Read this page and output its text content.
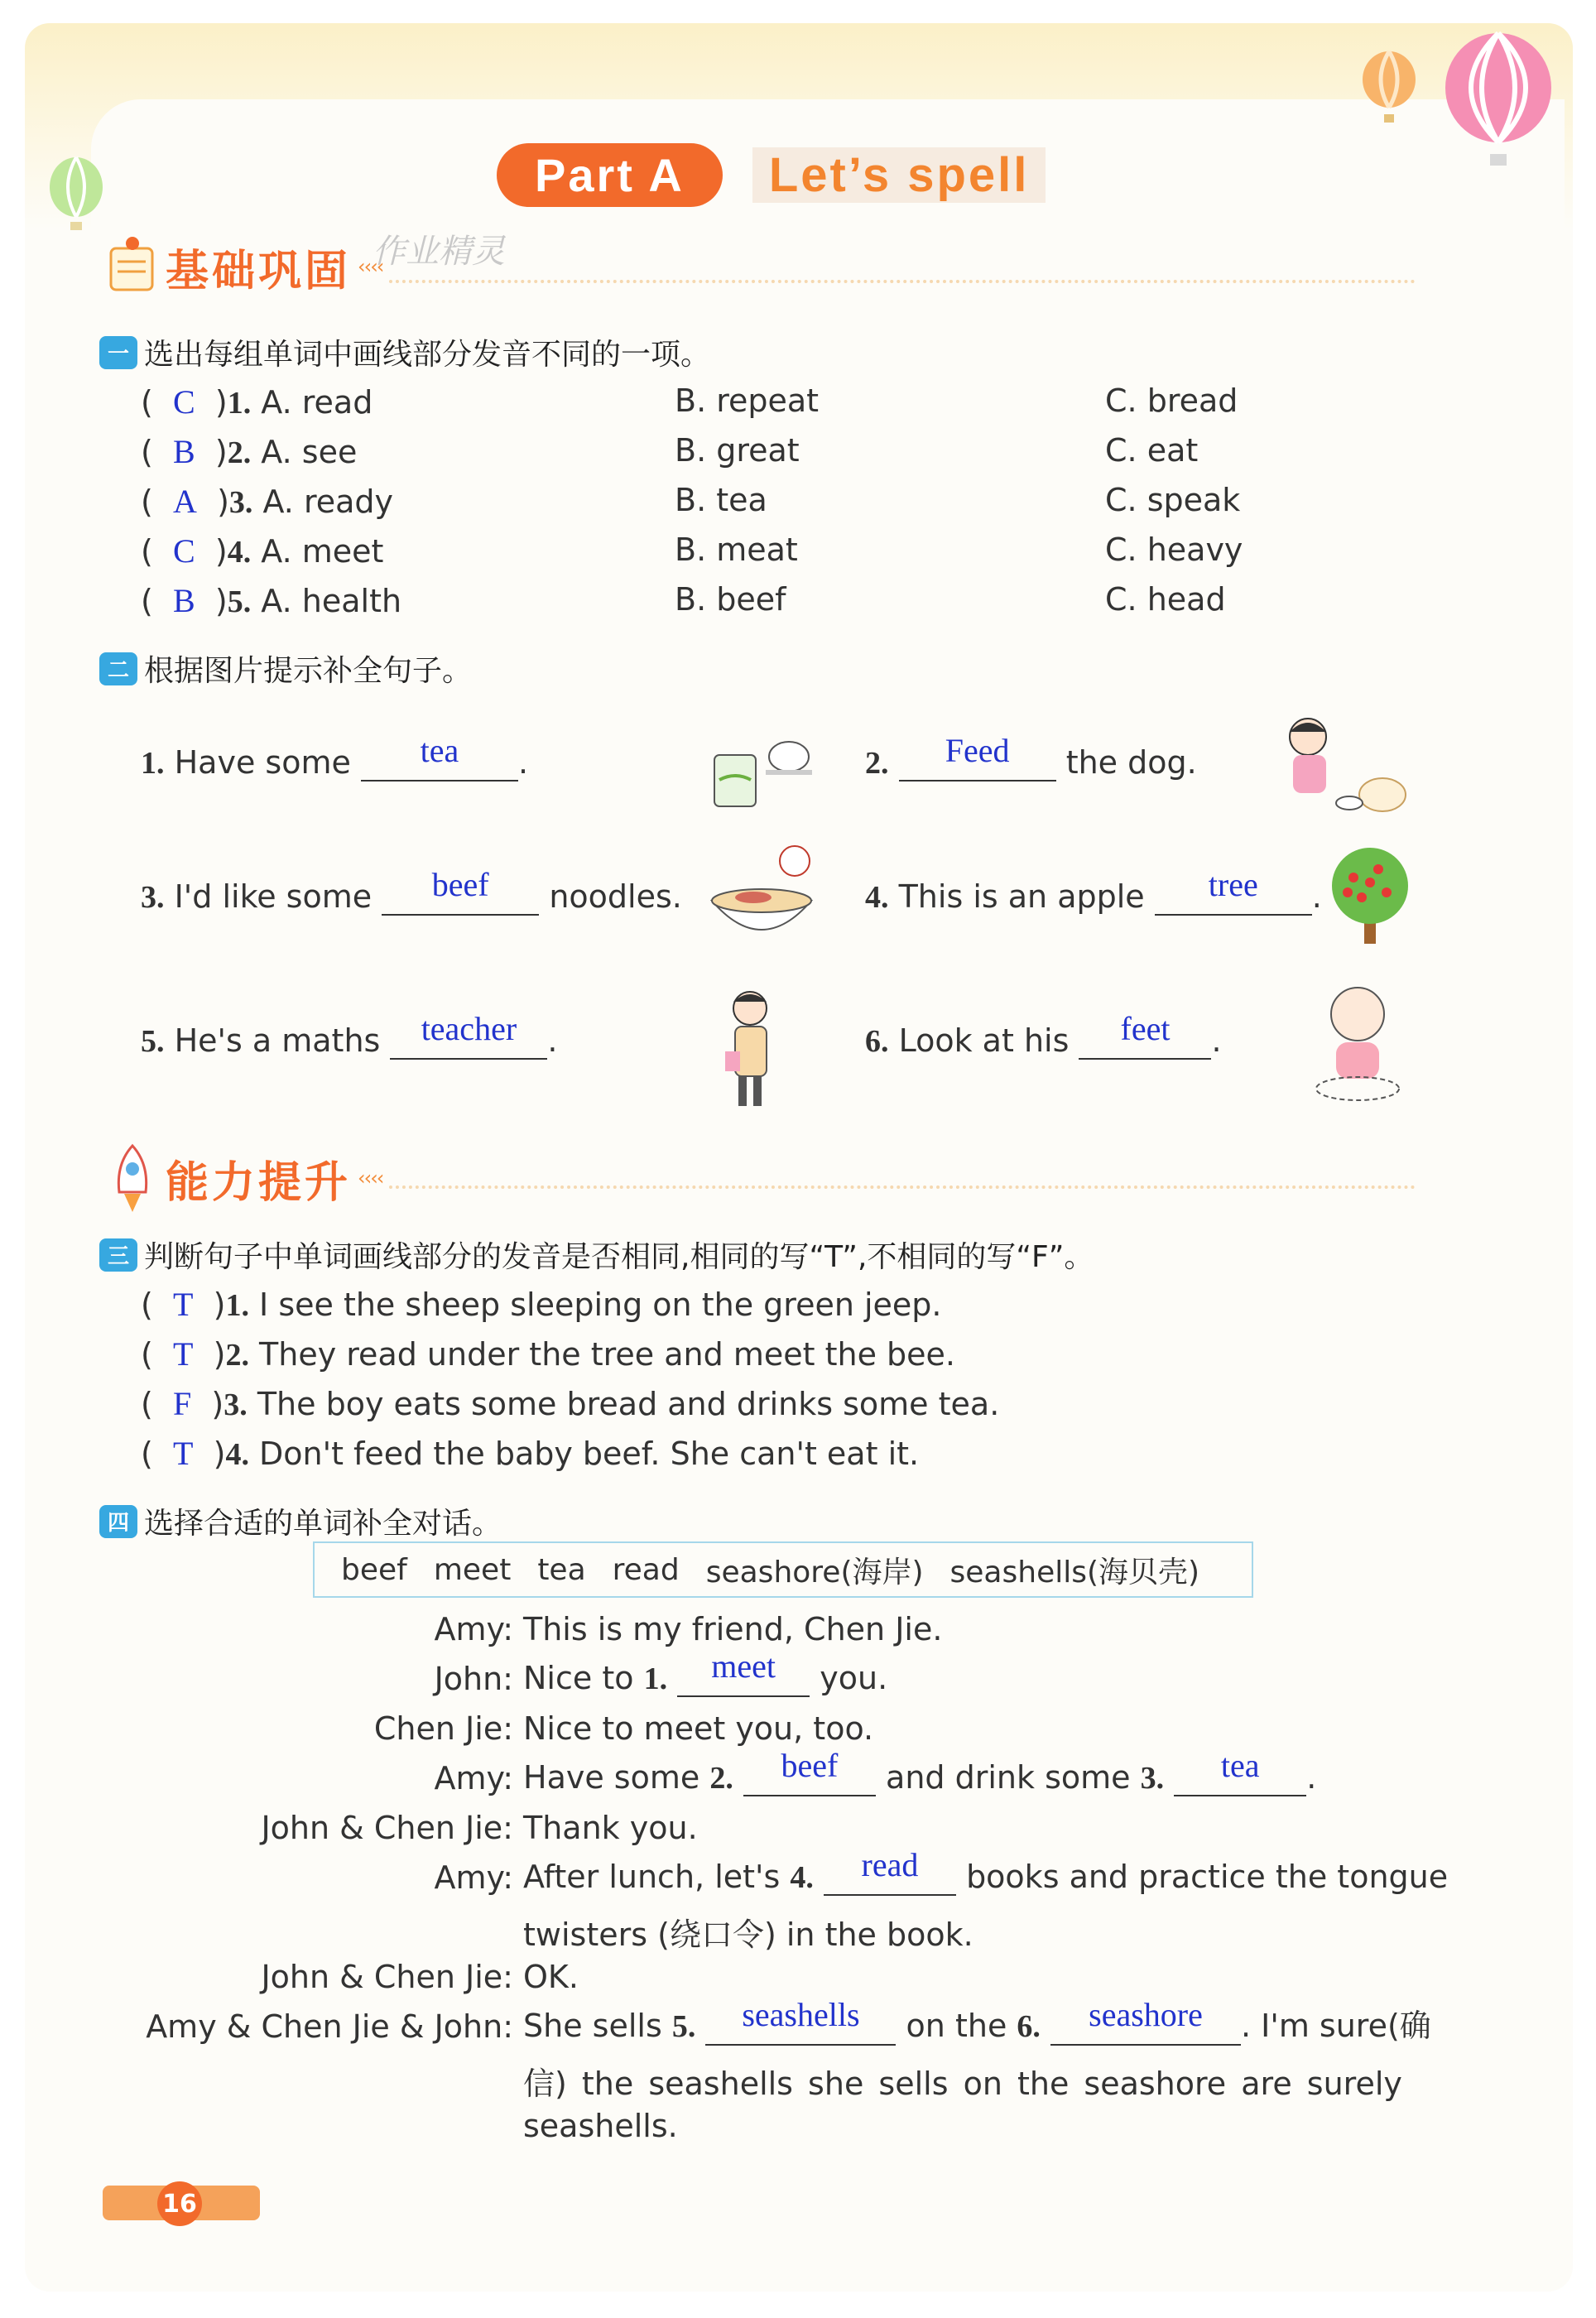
Part A	Let’s spell
基础巩固 ‹‹‹‹
作业精灵
一 选出每组单词中画线部分发音不同的一项。
( C )1. A. read	B. repeat	C. bread
( B )2. A. see	B. great	C. eat
( A )3. A. ready	B. tea	C. speak
( C )4. A. meet	B. meat	C. heavy
( B )5. A. health	B. beef	C. head
二 根据图片提示补全句子。
1. Have some	tea	.	2.	Feed	the dog.
3. I'd like some	beef	noodles.	4. This is an apple	tree	.
5. He's a maths	teacher .	6. Look at his	feet	.
能力提升 ‹‹‹‹
三 判断句子中单词画线部分的发音是否相同,相同的写“T”,不相同的写“F”。
( T )1. I see the sheep sleeping on the green jeep.
( T )2. They read under the tree and meet the bee.
( F )3. The boy eats some bread and drinks some tea.
( T )4. Don't feed the baby beef. She can't eat it.
四 选择合适的单词补全对话。
beef meet tea read seashore(海岸) seashells(海贝壳)
Amy: This is my friend, Chen Jie.
John: Nice to 1.	meet	you.
Chen Jie: Nice to meet you, too.
Amy: Have some 2.	beef	and drink some 3.	tea	.
John & Chen Jie: Thank you.
Amy: After lunch, let's 4.	read	books and practice the tongue
twisters (绕口令) in the book.
John & Chen Jie: OK.
Amy & Chen Jie & John: She sells 5.	seashells	on the 6.	seashore	. I'm sure(确
信) the seashells she sells on the seashore are surely
seashells.
16
